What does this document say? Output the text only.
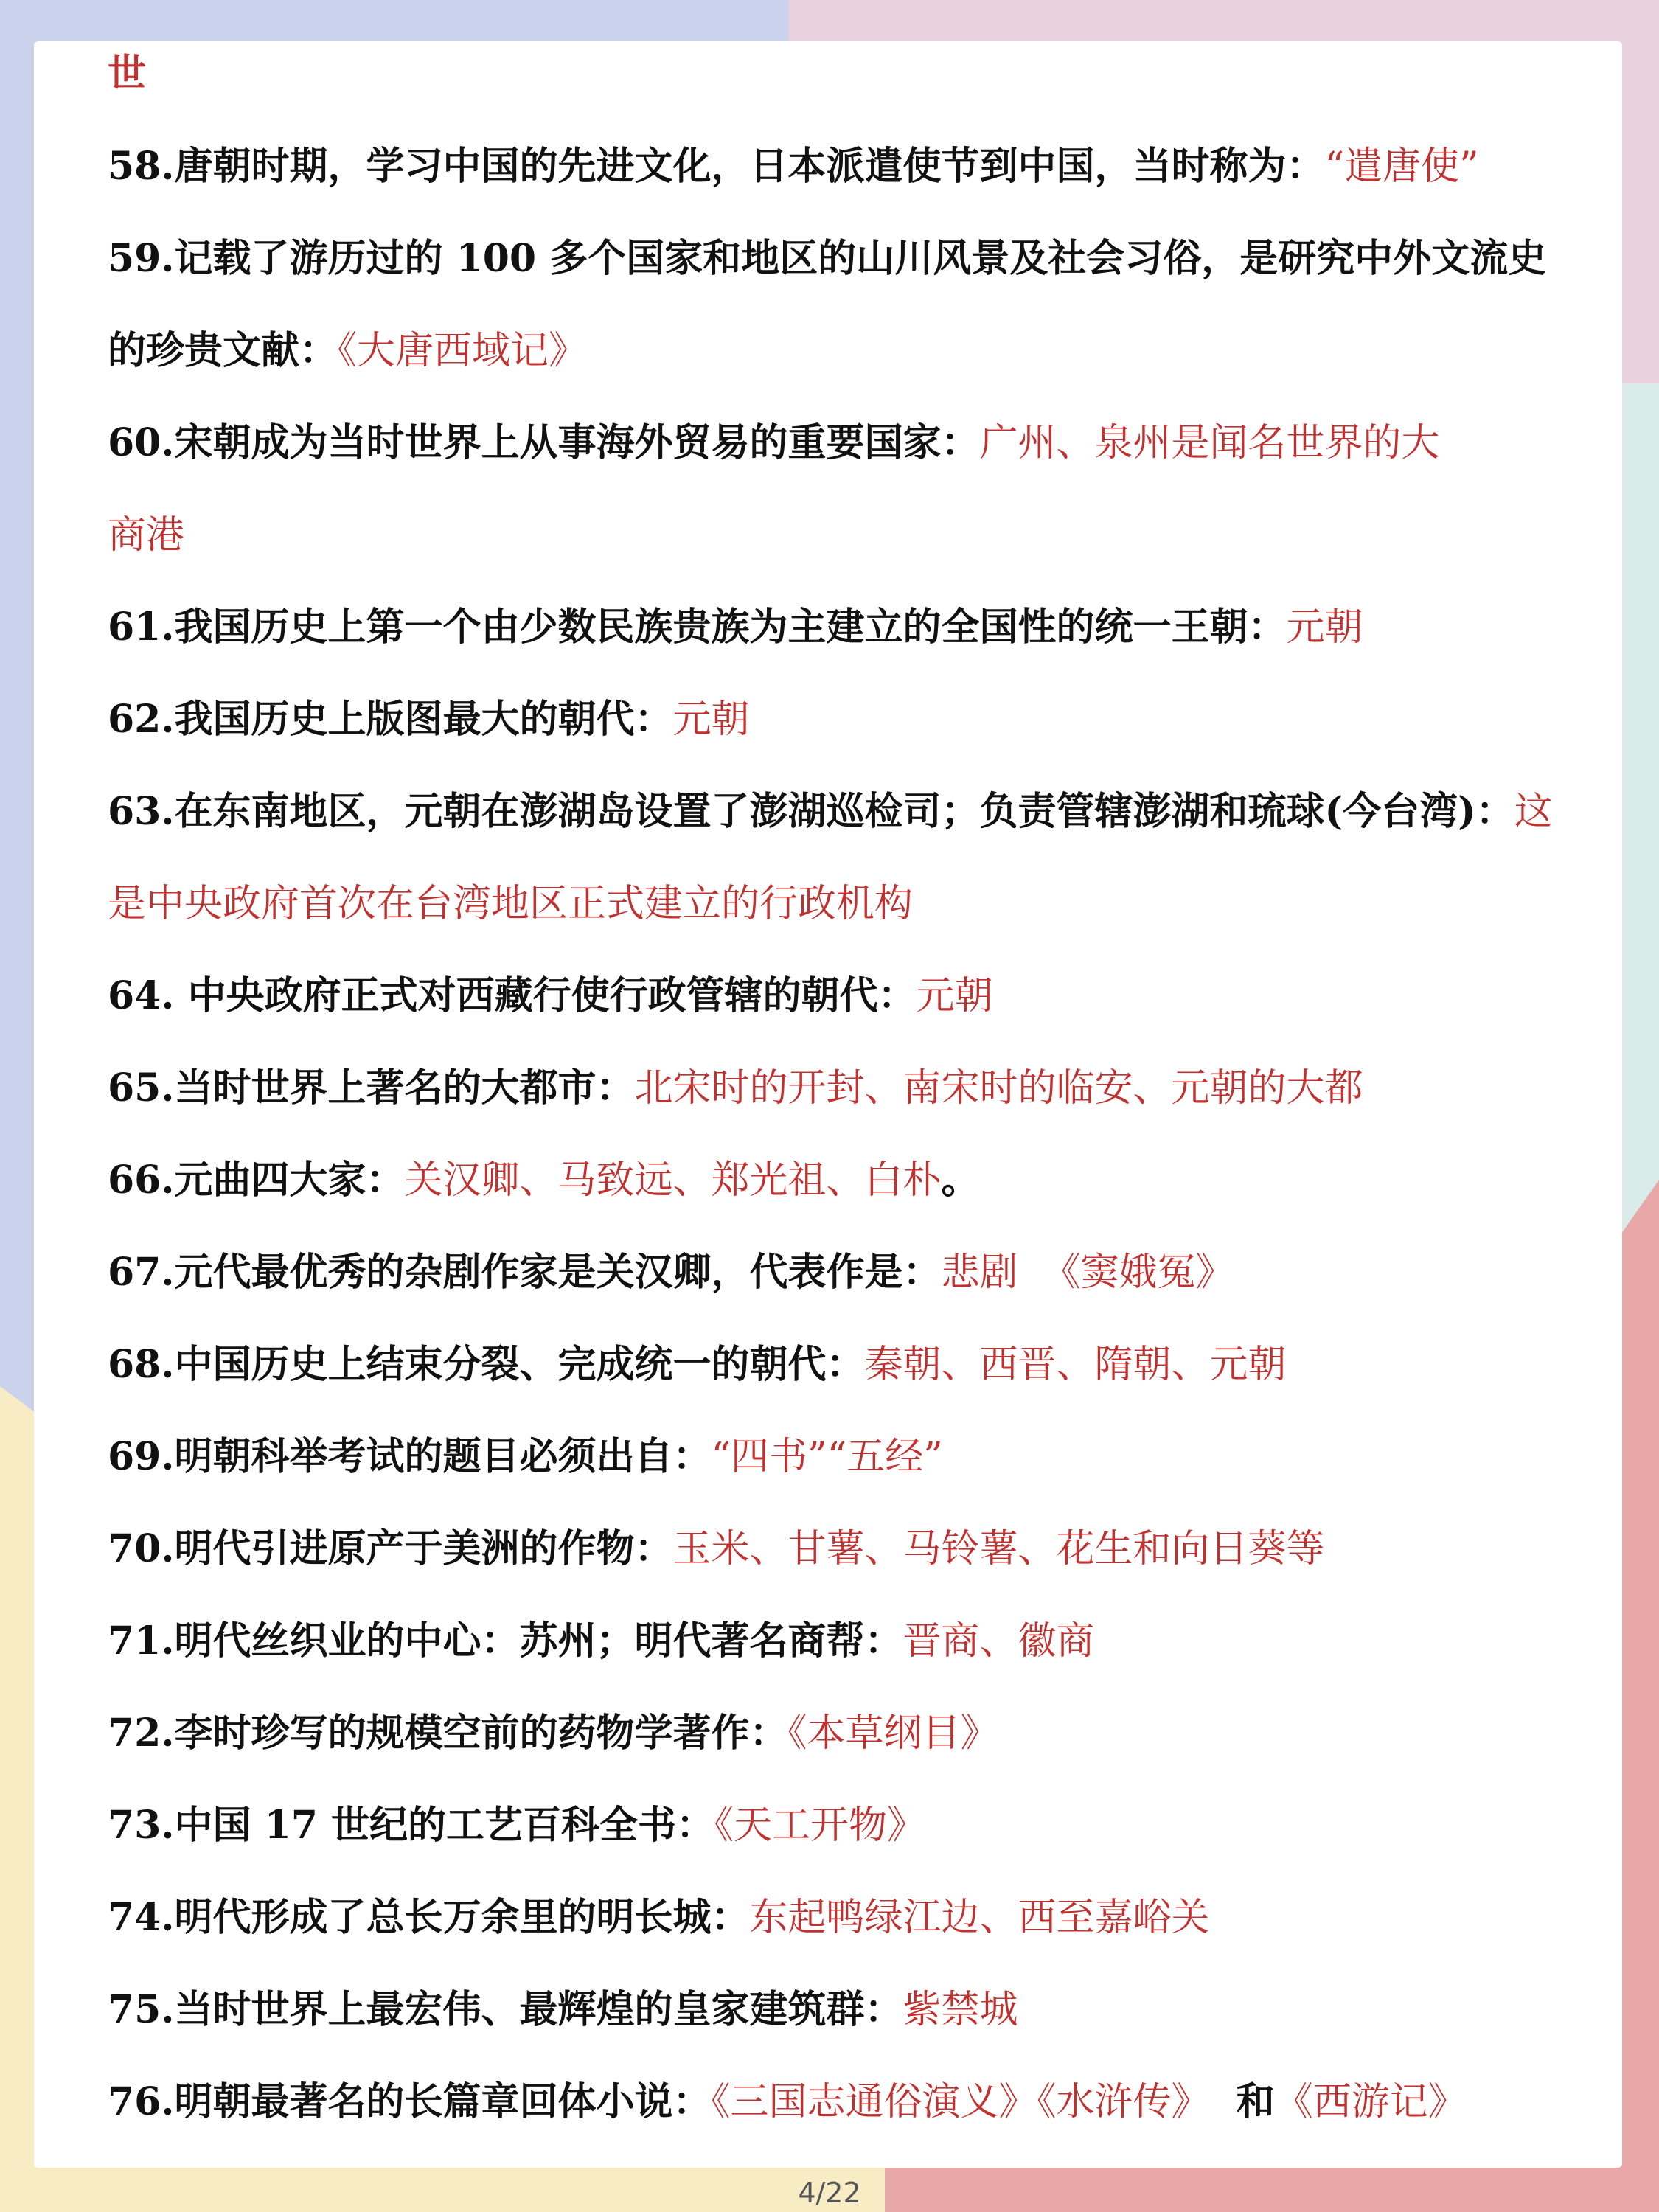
世
58.唐朝时期，学习中国的先进文化，日本派遣使节到中国，当时称为：“遣唐使”
59.记载了游历过的 100 多个国家和地区的山川风景及社会习俗，是研究中外文流史
的珍贵文献：《大唐西域记》
60.宋朝成为当时世界上从事海外贸易的重要国家：广州、泉州是闻名世界的大
商港
61.我国历史上第一个由少数民族贵族为主建立的全国性的统一王朝：元朝
62.我国历史上版图最大的朝代：元朝
63.在东南地区，元朝在澎湖岛设置了澎湖巡检司；负责管辖澎湖和琉球(今台湾)：这
是中央政府首次在台湾地区正式建立的行政机构
64. 中央政府正式对西藏行使行政管辖的朝代：元朝
65.当时世界上著名的大都市：北宋时的开封、南宋时的临安、元朝的大都
66.元曲四大家：关汉卿、马致远、郑光祖、白朴。
67.元代最优秀的杂剧作家是关汉卿，代表作是：悲剧  《窦娥冤》
68.中国历史上结束分裂、完成统一的朝代：秦朝、西晋、隋朝、元朝
69.明朝科举考试的题目必须出自：“四书”“五经”
70.明代引进原产于美洲的作物：玉米、甘薯、马铃薯、花生和向日葵等
71.明代丝织业的中心：苏州；明代著名商帮：晋商、徽商
72.李时珍写的规模空前的药物学著作：《本草纲目》
73.中国 17 世纪的工艺百科全书：《天工开物》
74.明代形成了总长万余里的明长城：东起鸭绿江边、西至嘉峪关
75.当时世界上最宏伟、最辉煌的皇家建筑群：紫禁城
76.明朝最著名的长篇章回体小说：《三国志通俗演义》《水浒传》  和《西游记》
4/22
